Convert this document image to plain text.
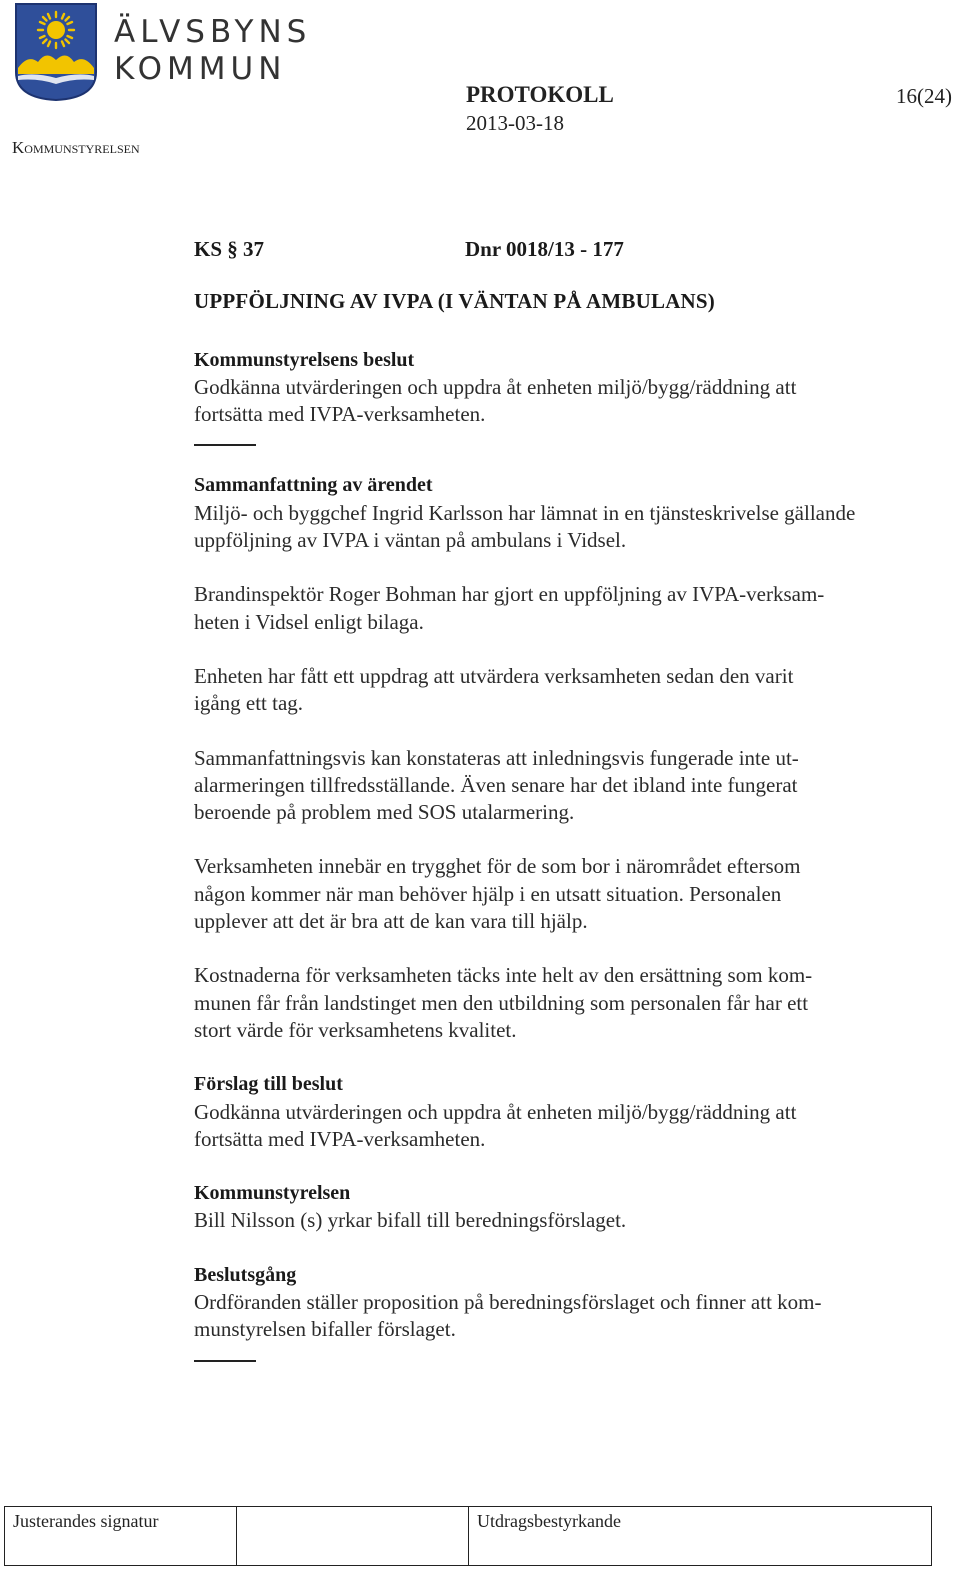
ÄLVSBYNS
KOMMUN
Kommunstyrelsen
PROTOKOLL
2013-03-18
16(24)
KS § 37	Dnr 0018/13 - 177
UPPFÖLJNING AV IVPA (I VÄNTAN PÅ AMBULANS)
Kommunstyrelsens beslut
Godkänna utvärderingen och uppdra åt enheten miljö/bygg/räddning att
fortsätta med IVPA-verksamheten.
Sammanfattning av ärendet
Miljö- och byggchef Ingrid Karlsson har lämnat in en tjänsteskrivelse gällande
uppföljning av IVPA i väntan på ambulans i Vidsel.
Brandinspektör Roger Bohman har gjort en uppföljning av IVPA-verksam-
heten i Vidsel enligt bilaga.
Enheten har fått ett uppdrag att utvärdera verksamheten sedan den varit
igång ett tag.
Sammanfattningsvis kan konstateras att inledningsvis fungerade inte ut-
alarmeringen tillfredsställande. Även senare har det ibland inte fungerat
beroende på problem med SOS utalarmering.
Verksamheten innebär en trygghet för de som bor i närområdet eftersom
någon kommer när man behöver hjälp i en utsatt situation. Personalen
upplever att det är bra att de kan vara till hjälp.
Kostnaderna för verksamheten täcks inte helt av den ersättning som kom-
munen får från landstinget men den utbildning som personalen får har ett
stort värde för verksamhetens kvalitet.
Förslag till beslut
Godkänna utvärderingen och uppdra åt enheten miljö/bygg/räddning att
fortsätta med IVPA-verksamheten.
Kommunstyrelsen
Bill Nilsson (s) yrkar bifall till beredningsförslaget.
Beslutsgång
Ordföranden ställer proposition på beredningsförslaget och finner att kom-
munstyrelsen bifaller förslaget.
Justerandes signatur	Utdragsbestyrkande
